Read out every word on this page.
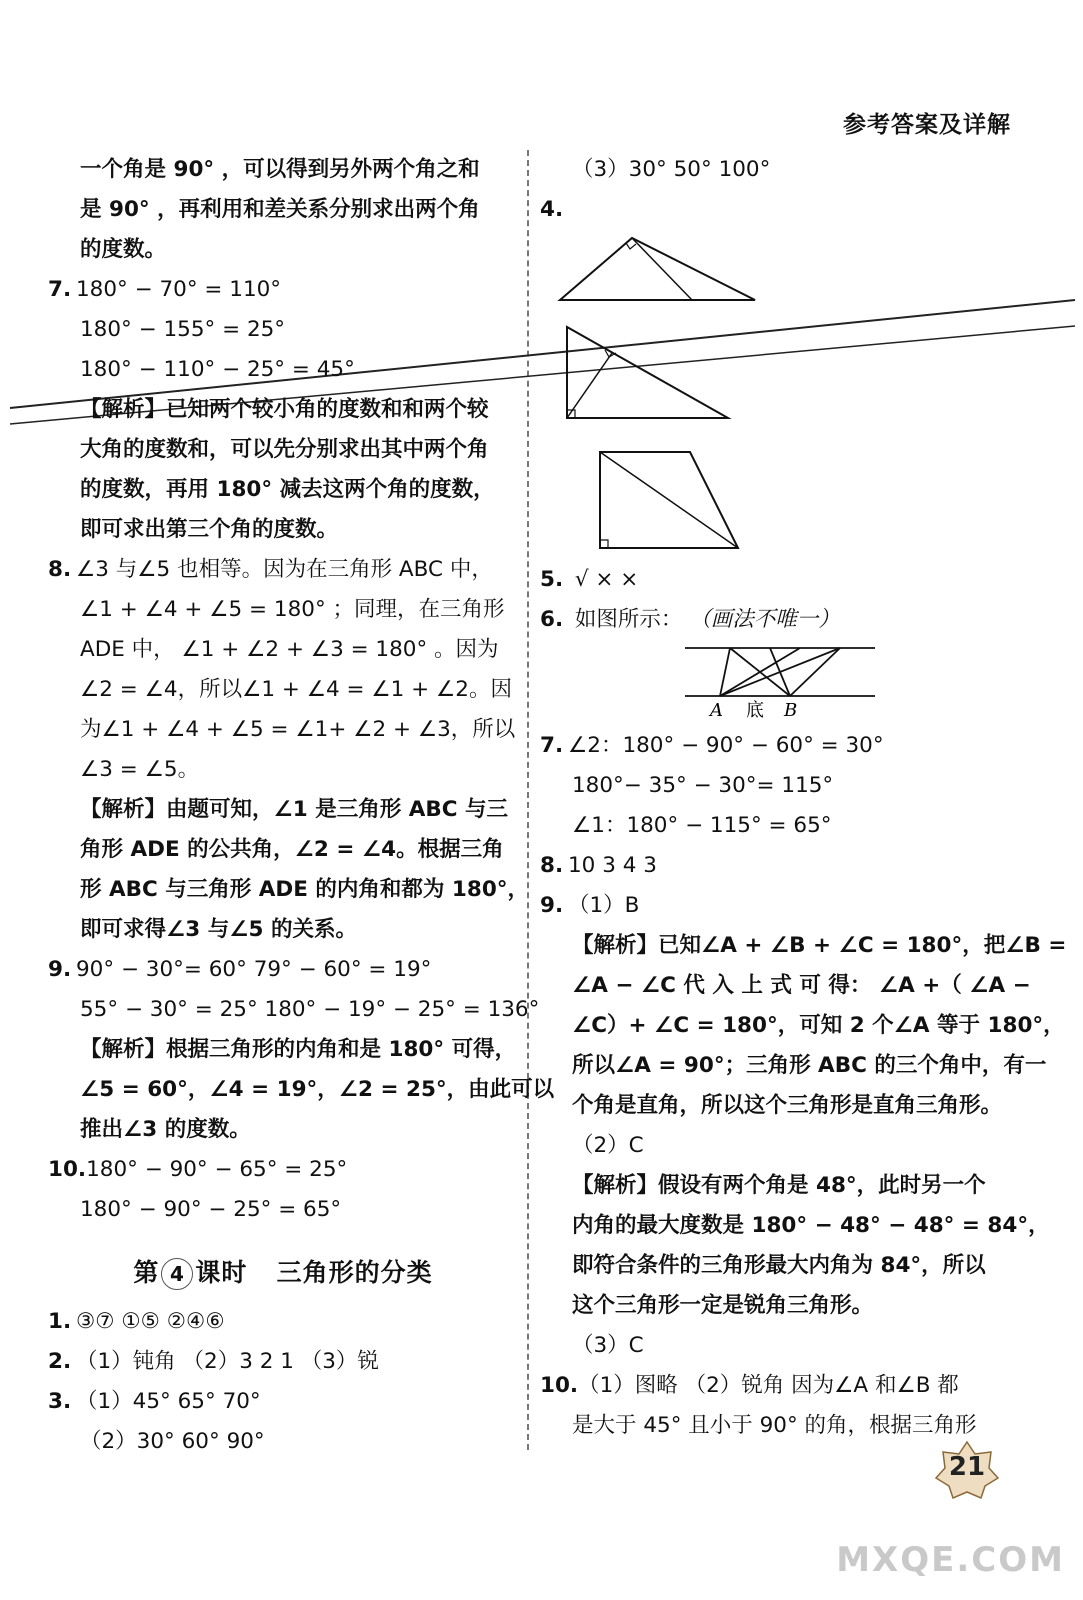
参考答案及详解
一个角是 90° ，可以得到另外两个角之和
是 90° ，再利用和差关系分别求出两个角
的度数。
7. 180° − 70° = 110°
180° − 155° = 25°
180° − 110° − 25° = 45°
【解析】已知两个较小角的度数和和两个较
大角的度数和，可以先分别求出其中两个角
的度数，再用 180° 减去这两个角的度数，
即可求出第三个角的度数。
8. ∠3 与∠5 也相等。因为在三角形 ABC 中，
∠1 + ∠4 + ∠5 = 180° ；同理，在三角形
ADE 中， ∠1 + ∠2 + ∠3 = 180° 。因为
∠2 = ∠4，所以∠1 + ∠4 = ∠1 + ∠2。因
为∠1 + ∠4 + ∠5 = ∠1+ ∠2 + ∠3，所以
∠3 = ∠5。
【解析】由题可知，∠1 是三角形 ABC 与三
角形 ADE 的公共角，∠2 = ∠4。根据三角
形 ABC 与三角形 ADE 的内角和都为 180°，
即可求得∠3 与∠5 的关系。
9. 90° − 30°= 60° 79° − 60° = 19°
55° − 30° = 25° 180° − 19° − 25° = 136°
【解析】根据三角形的内角和是 180° 可得，
∠5 = 60°，∠4 = 19°，∠2 = 25°，由此可以
推出∠3 的度数。
10.180° − 90° − 65° = 25°
180° − 90° − 25° = 65°
第 4 课时 三角形的分类
1. ③⑦ ①⑤ ②④⑥
2. （1）钝角 （2）3 2 1 （3）锐
3. （1）45° 65° 70°
（2）30° 60° 90°
（3）30° 50° 100°
4.
5. √ × ×
6. 如图所示： （画法不唯一）
A 底 B
7. ∠2：180° − 90° − 60° = 30°
180°− 35° − 30°= 115°
∠1：180° − 115° = 65°
8. 10 3 4 3
9. （1）B
【解析】已知∠A + ∠B + ∠C = 180°，把∠B =
∠A − ∠C 代 入 上 式 可 得： ∠A +（ ∠A −
∠C）+ ∠C = 180°，可知 2 个∠A 等于 180°，
所以∠A = 90°；三角形 ABC 的三个角中，有一
个角是直角，所以这个三角形是直角三角形。
（2）C
【解析】假设有两个角是 48°，此时另一个
内角的最大度数是 180° − 48° − 48° = 84°，
即符合条件的三角形最大内角为 84°，所以
这个三角形一定是锐角三角形。
（3）C
10.（1）图略 （2）锐角 因为∠A 和∠B 都
是大于 45° 且小于 90° 的角，根据三角形
21
MXQE.COM
